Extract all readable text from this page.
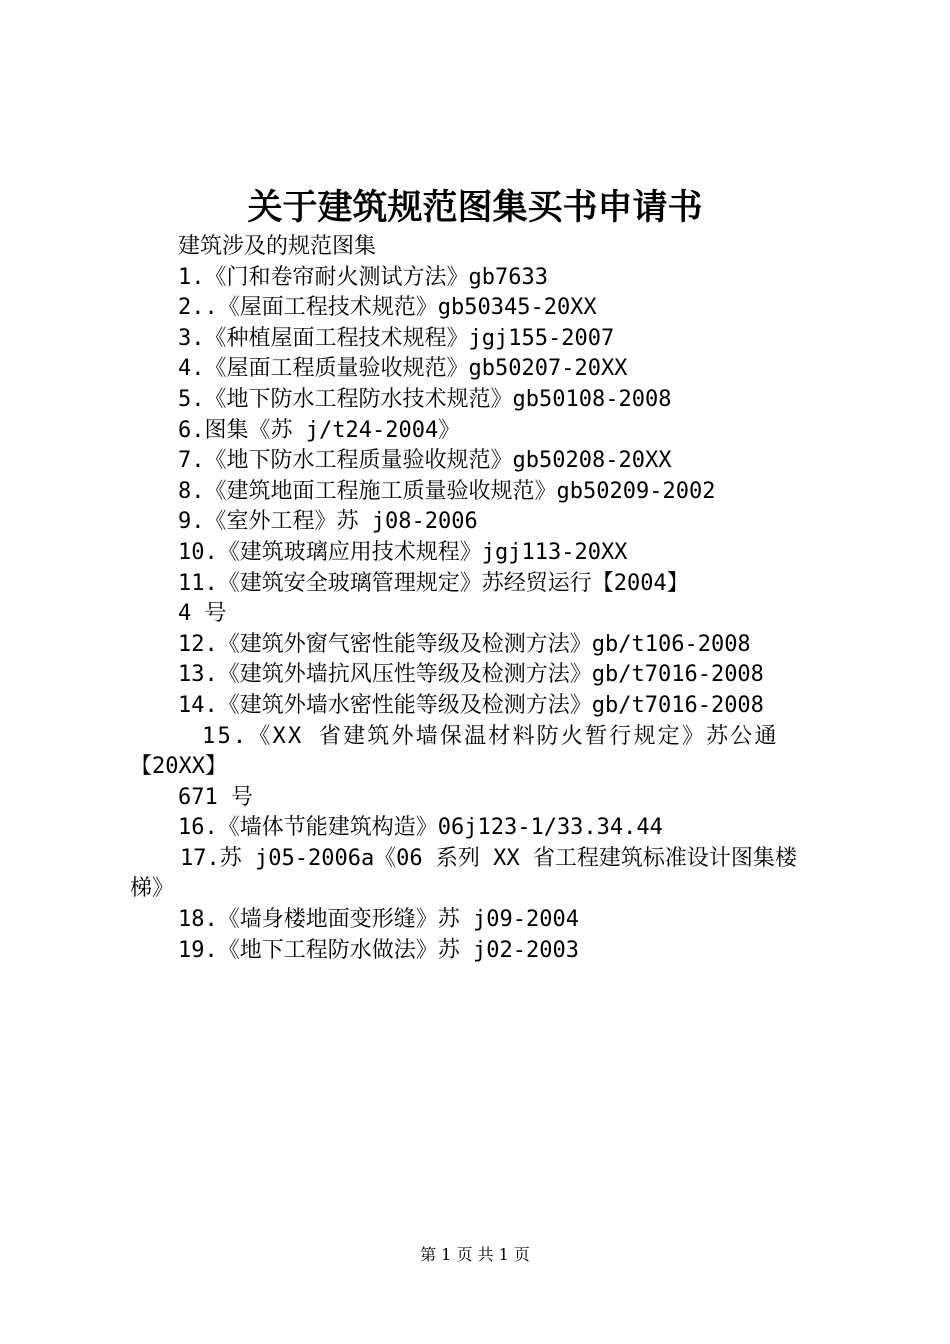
关于建筑规范图集买书申请书
建筑涉及的规范图集
1.《门和卷帘耐火测试方法》gb7633
2..《屋面工程技术规范》gb50345-20XX
3.《种植屋面工程技术规程》jgj155-2007
4.《屋面工程质量验收规范》gb50207-20XX
5.《地下防水工程防水技术规范》gb50108-2008
6.图集《苏 j/t24-2004》
7.《地下防水工程质量验收规范》gb50208-20XX
8.《建筑地面工程施工质量验收规范》gb50209-2002
9.《室外工程》苏 j08-2006
10.《建筑玻璃应用技术规程》jgj113-20XX
11.《建筑安全玻璃管理规定》苏经贸运行【2004】
4 号
12.《建筑外窗气密性能等级及检测方法》gb/t106-2008
13.《建筑外墙抗风压性等级及检测方法》gb/t7016-2008
14.《建筑外墙水密性能等级及检测方法》gb/t7016-2008
15.《XX 省建筑外墙保温材料防火暂行规定》苏公通
【20XX】
671 号
16.《墙体节能建筑构造》06j123-1/33.34.44
17.苏 j05-2006a《06 系列 XX 省工程建筑标准设计图集楼
梯》
18.《墙身楼地面变形缝》苏 j09-2004
19.《地下工程防水做法》苏 j02-2003
第 1 页 共 1 页
